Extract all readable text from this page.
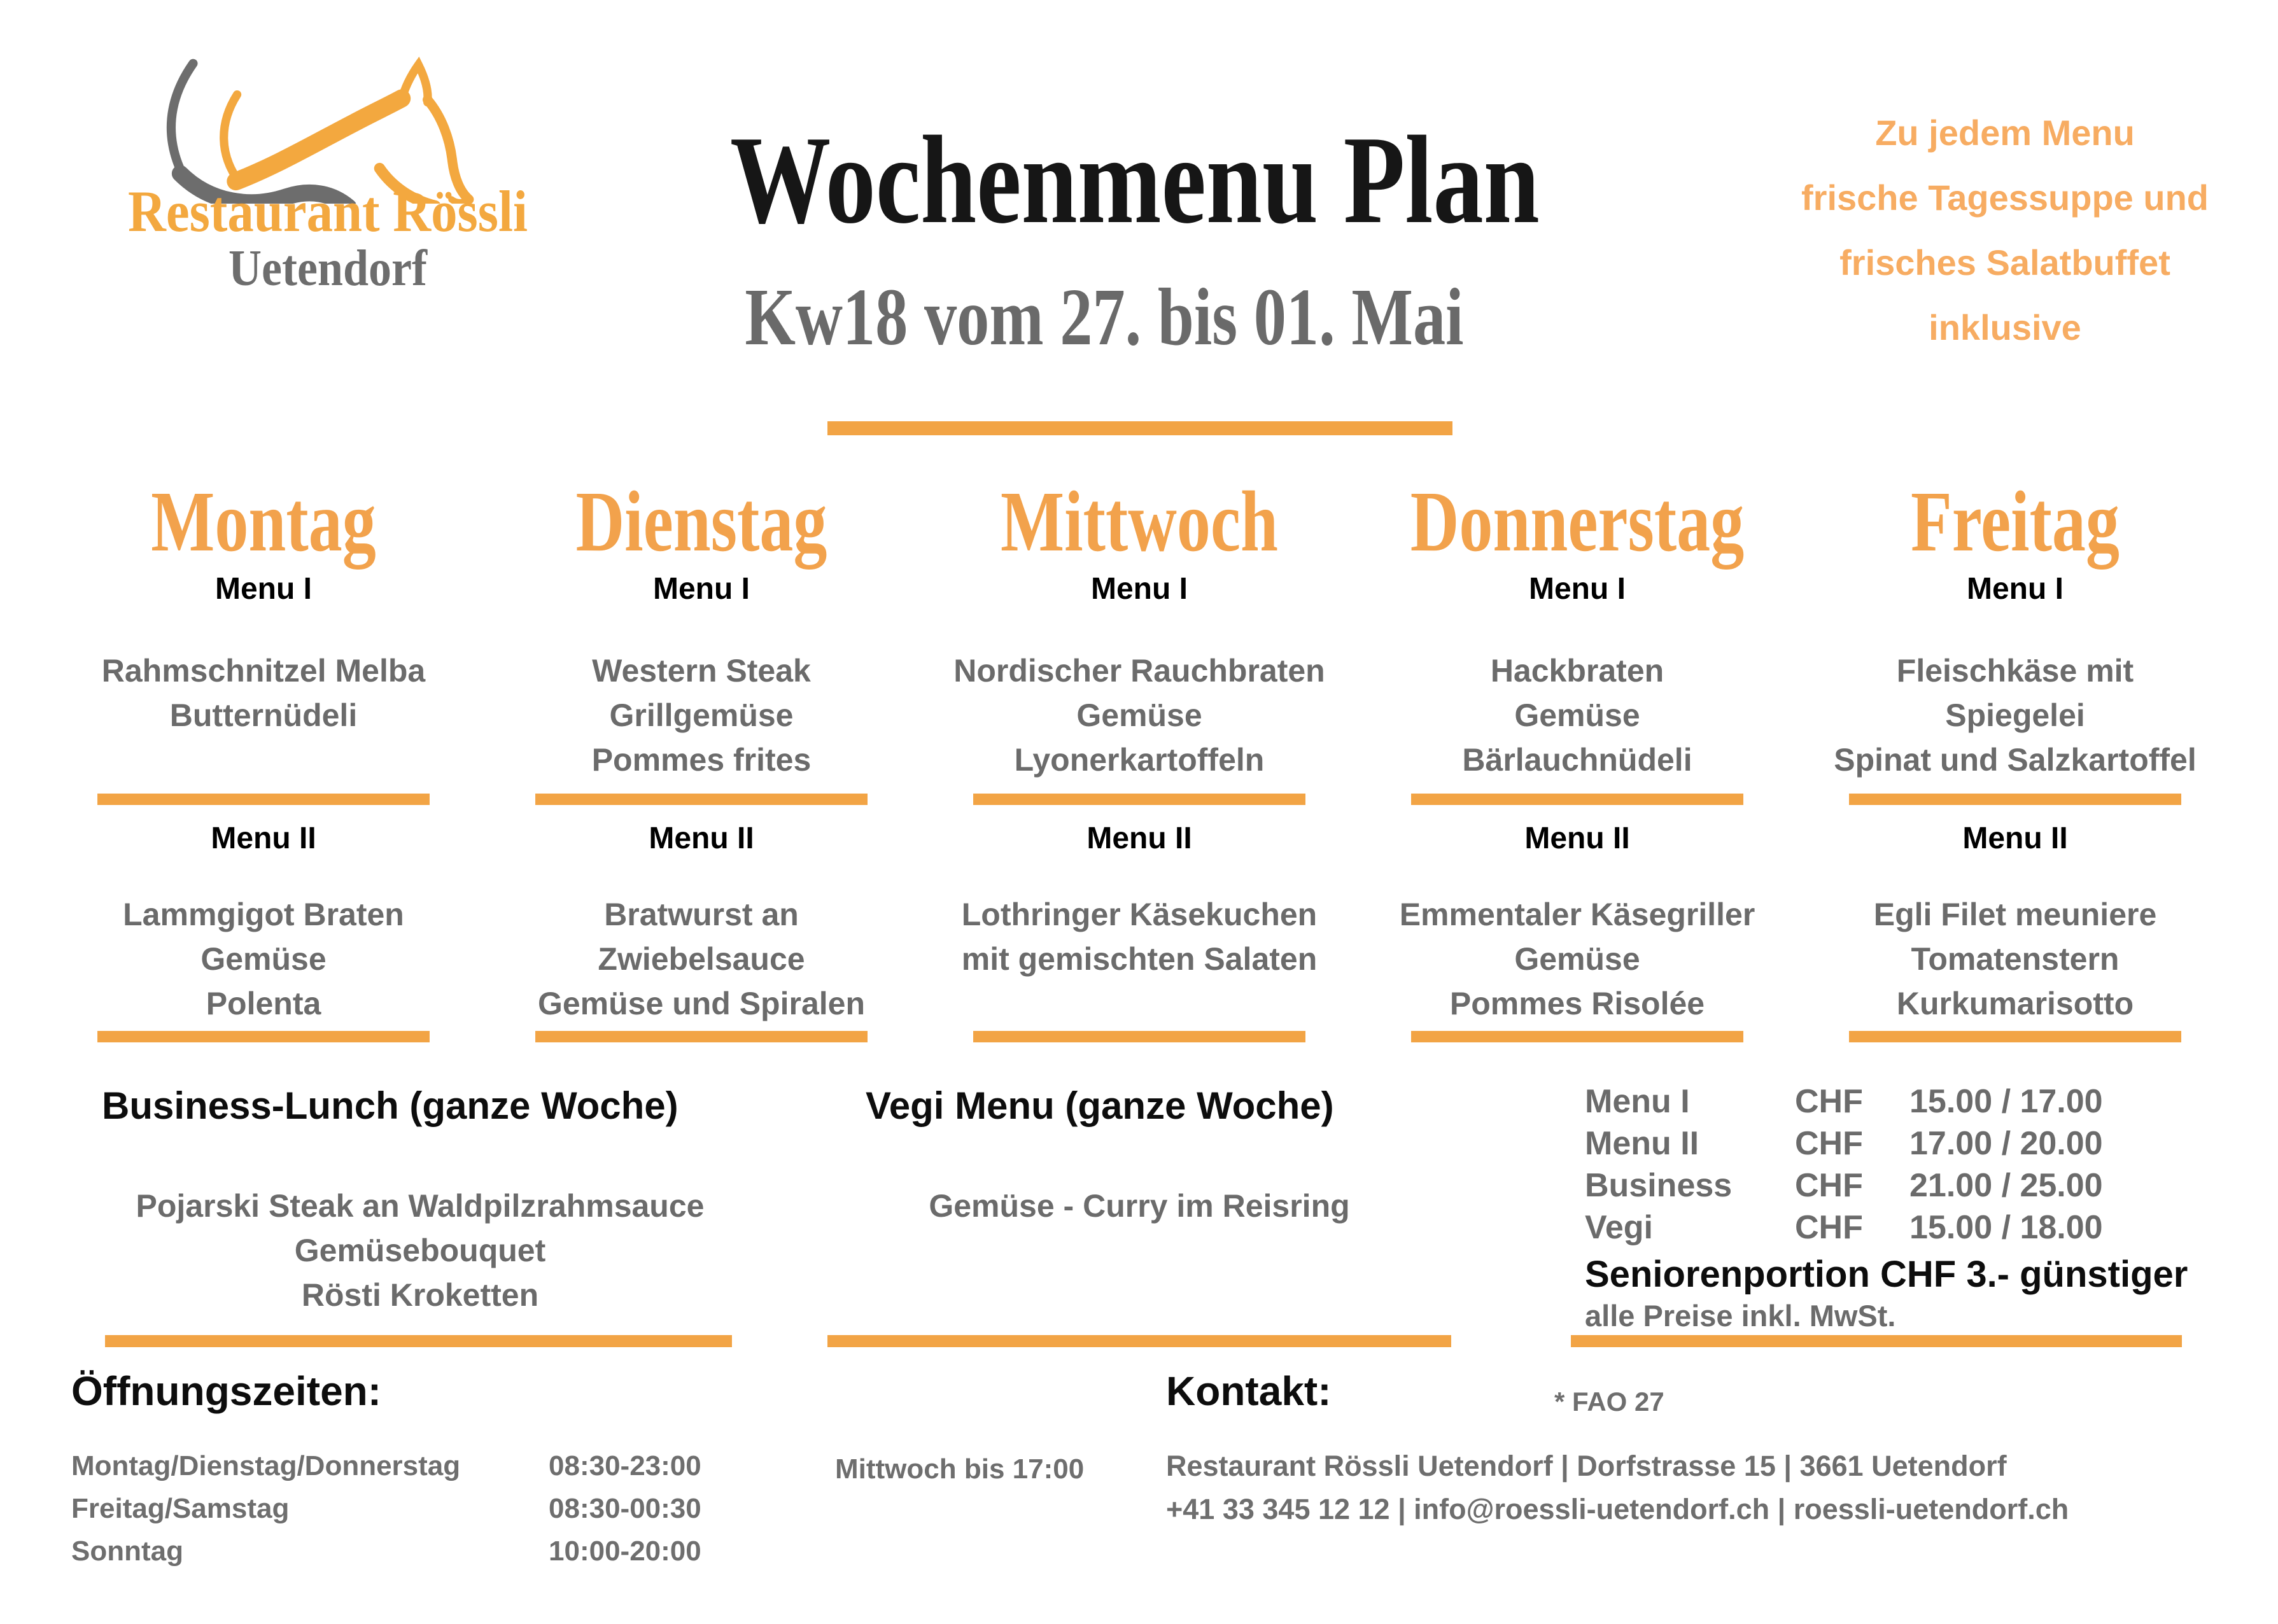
Restaurant Rössli
Uetendorf
Wochenmenu Plan
Kw18 vom 27. bis 01. Mai
Zu jedem Menu
frische Tagessuppe und
frisches Salatbuffet
inklusive
Montag
Menu I
Rahmschnitzel Melba
Butternüdeli
Menu II
Lammgigot Braten
Gemüse
Polenta
Dienstag
Menu I
Western Steak
Grillgemüse
Pommes frites
Menu II
Bratwurst an
Zwiebelsauce
Gemüse und Spiralen
Mittwoch
Menu I
Nordischer Rauchbraten
Gemüse
Lyonerkartoffeln
Menu II
Lothringer Käsekuchen
mit gemischten Salaten
Donnerstag
Menu I
Hackbraten
Gemüse
Bärlauchnüdeli
Menu II
Emmentaler Käsegriller
Gemüse
Pommes Risolée
Freitag
Menu I
Fleischkäse mit
Spiegelei
Spinat und Salzkartoffel
Menu II
Egli Filet meuniere
Tomatenstern
Kurkumarisotto
Business-Lunch (ganze Woche)
Pojarski Steak an Waldpilzrahmsauce
Gemüsebouquet
Rösti Kroketten
Vegi Menu (ganze Woche)
Gemüse - Curry im Reisring
Menu I	CHF	15.00 / 17.00
Menu II	CHF	17.00 / 20.00
Business	CHF	21.00 / 25.00
Vegi	CHF	15.00 / 18.00
Seniorenportion CHF 3.- günstiger
alle Preise inkl. MwSt.
Öffnungszeiten:
Montag/Dienstag/Donnerstag	08:30-23:00
Freitag/Samstag	08:30-00:30
Sonntag	10:00-20:00
Mittwoch bis 17:00
Kontakt:	* FAO 27
Restaurant Rössli Uetendorf | Dorfstrasse 15 | 3661 Uetendorf
+41 33 345 12 12 | info@roessli-uetendorf.ch | roessli-uetendorf.ch
